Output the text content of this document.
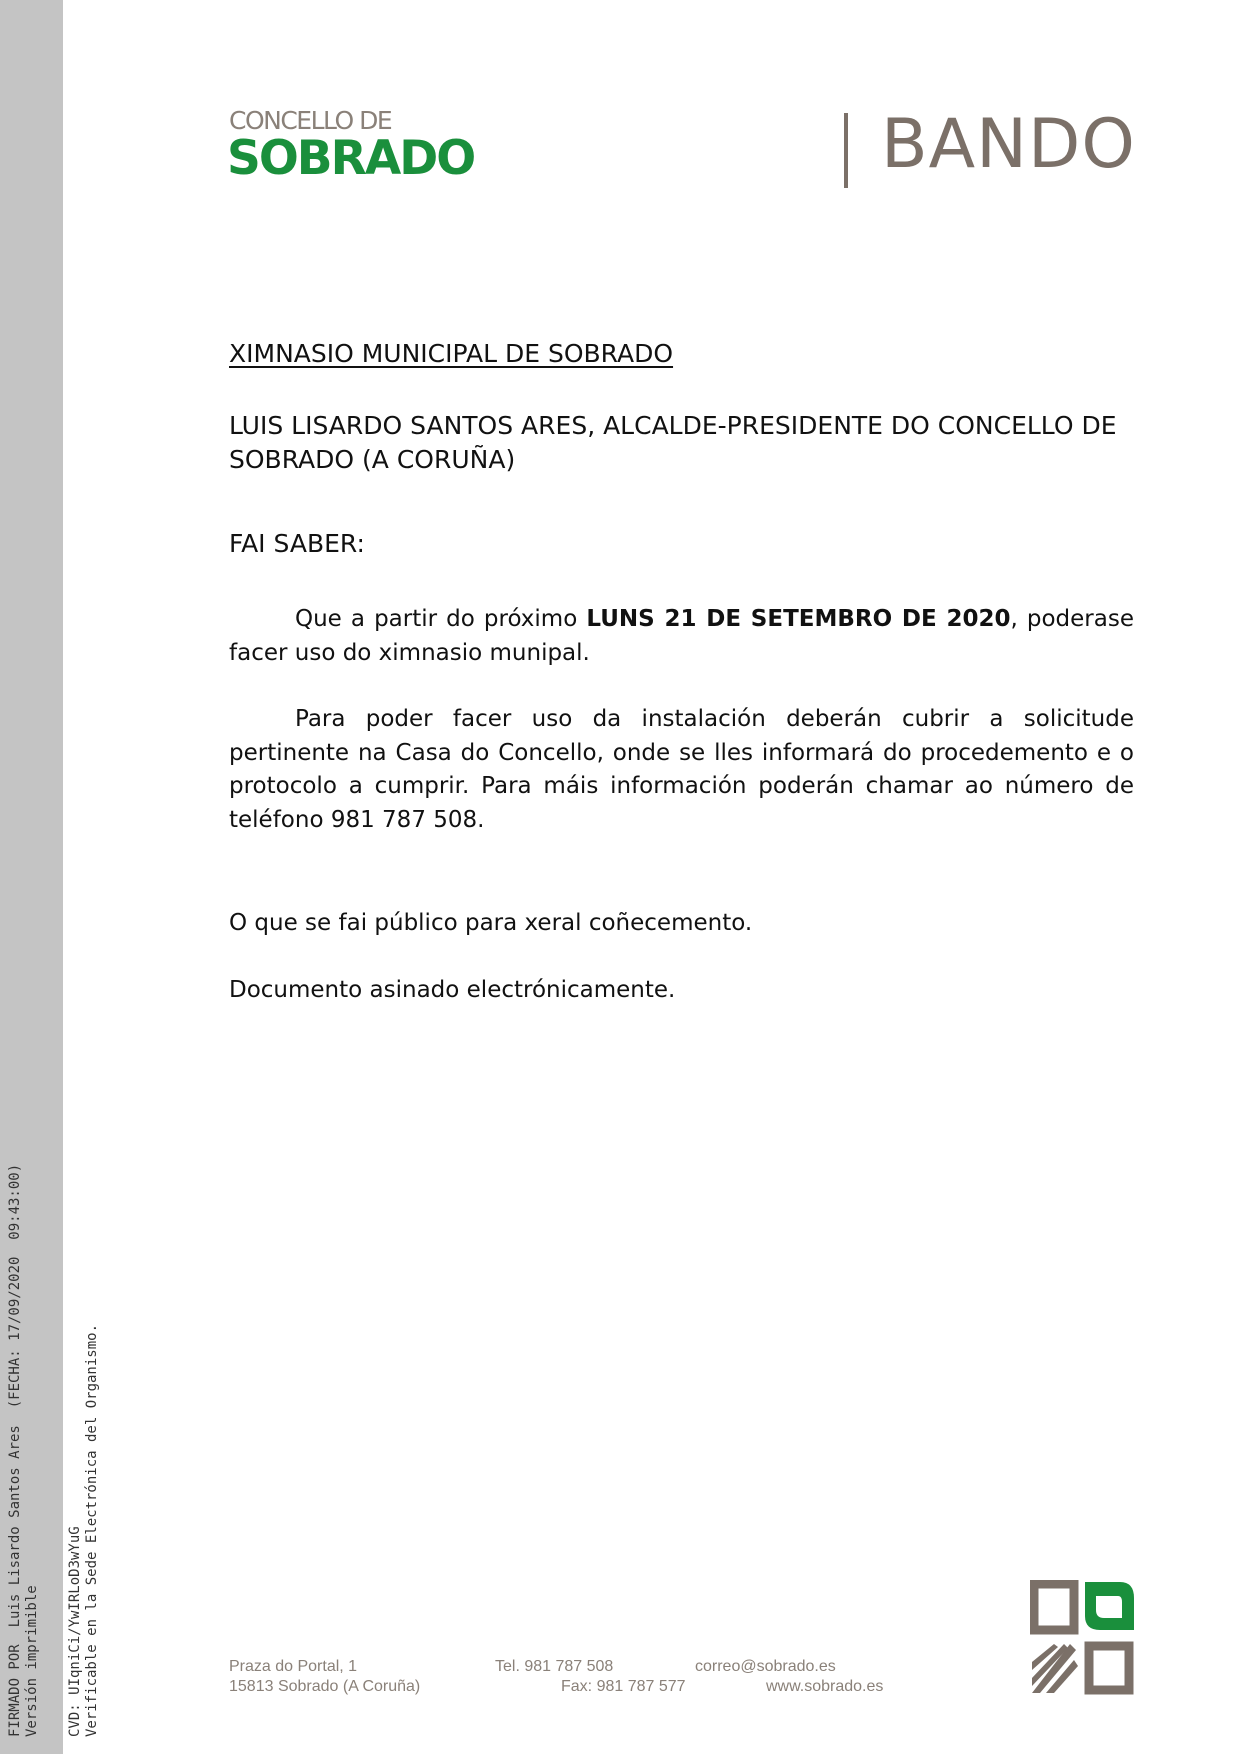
FIRMADO POR  Luis Lisardo Santos Ares  (FECHA: 17/09/2020  09:43:00)
Versión imprimible CVD: UIqniCi/YwIRLoD3wYuG
Verificable en la Sede Electrónica del Organismo.
CONCELLO DE
SOBRADO	BANDO
XIMNASIO MUNICIPAL DE SOBRADO
LUIS LISARDO SANTOS ARES, ALCALDE-PRESIDENTE DO CONCELLO DE SOBRADO (A CORUÑA)
FAI SABER:
Que a partir do próximo LUNS 21 DE SETEMBRO DE 2020, poderase facer uso do ximnasio munipal.
Para poder facer uso da instalación deberán cubrir a solicitude pertinente na Casa do Concello, onde se lles informará do procedemento e o protocolo a cumprir. Para máis información poderán chamar ao número de teléfono 981 787 508.
O que se fai público para xeral coñecemento.
Documento asinado electrónicamente.
Praza do Portal, 1
15813 Sobrado (A Coruña)
Tel. 981 787 508
Fax: 981 787 577
correo@sobrado.es
www.sobrado.es
